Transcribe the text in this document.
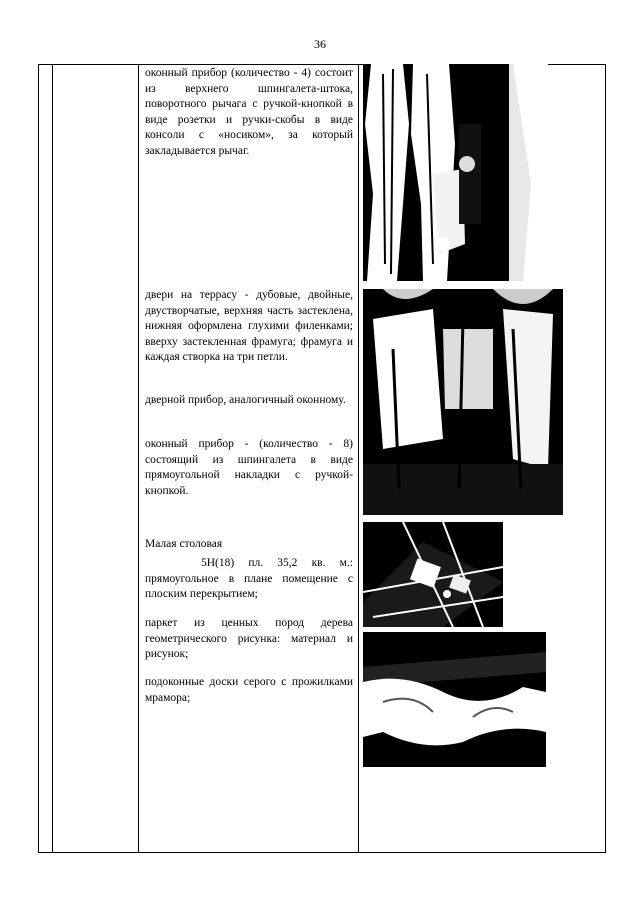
36

оконный прибор (количество - 4) состоит из верхнего шпингалета-штока, поворотного рычага с ручкой-кнопкой в виде розетки и ручки-скобы в виде консоли с «носиком», за который закладывается рычаг.

двери на террасу - дубовые, двойные, двустворчатые, верхняя часть застеклена, нижняя оформлена глухими филенками; вверху застекленная фрамуга; фрамуга и каждая створка на три петли.

дверной прибор, аналогичный оконному.

оконный прибор - (количество - 8) состоящий из шпингалета в виде прямоугольной накладки с ручкой-кнопкой.

Малая столовая

5Н(18) пл. 35,2 кв. м.: прямоугольное в плане помещение с плоским перекрытием;

паркет из ценных пород дерева геометрического рисунка: материал и рисунок;

подоконные доски серого с прожилками мрамора;
